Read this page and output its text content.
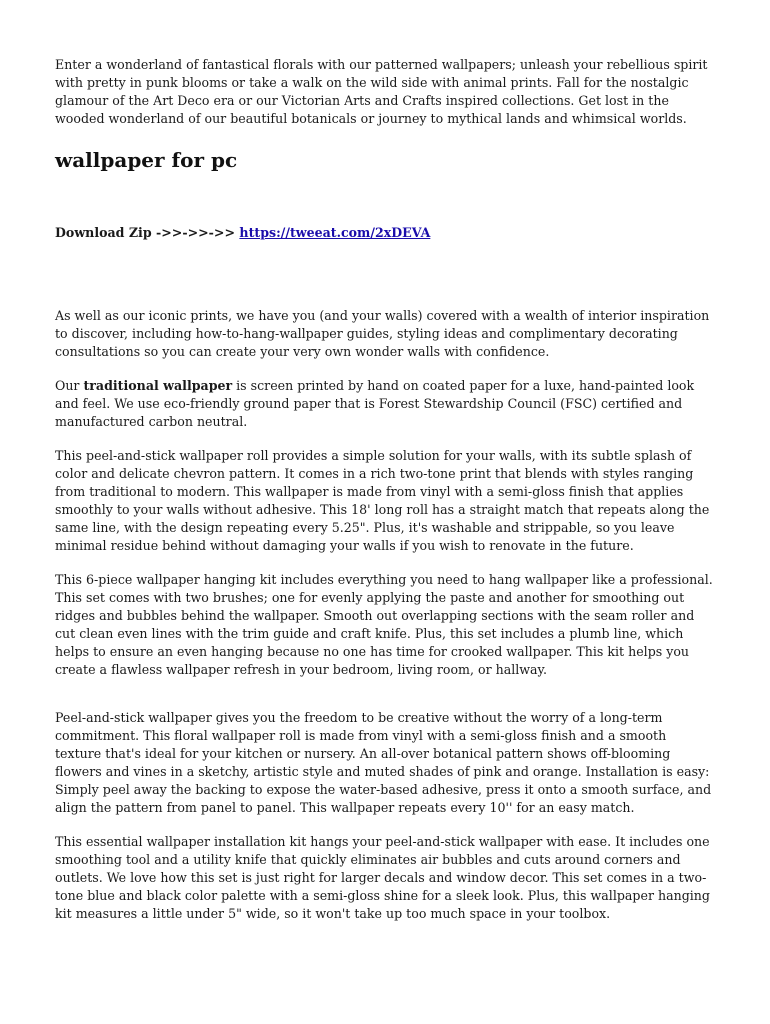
Enter a wonderland of fantastical florals with our patterned wallpapers; unleash your rebellious spirit with pretty in punk blooms or take a walk on the wild side with animal prints. Fall for the nostalgic glamour of the Art Deco era or our Victorian Arts and Crafts inspired collections. Get lost in the wooded wonderland of our beautiful botanicals or journey to mythical lands and whimsical worlds.

wallpaper for pc
Download Zip ->>->>->> https://tweeat.com/2xDEVA

As well as our iconic prints, we have you (and your walls) covered with a wealth of interior inspiration to discover, including how-to-hang-wallpaper guides, styling ideas and complimentary decorating consultations so you can create your very own wonder walls with confidence.

Our traditional wallpaper is screen printed by hand on coated paper for a luxe, hand-painted look and feel. We use eco-friendly ground paper that is Forest Stewardship Council (FSC) certified and manufactured carbon neutral.

This peel-and-stick wallpaper roll provides a simple solution for your walls, with its subtle splash of color and delicate chevron pattern. It comes in a rich two-tone print that blends with styles ranging from traditional to modern. This wallpaper is made from vinyl with a semi-gloss finish that applies smoothly to your walls without adhesive. This 18' long roll has a straight match that repeats along the same line, with the design repeating every 5.25". Plus, it's washable and strippable, so you leave minimal residue behind without damaging your walls if you wish to renovate in the future.

This 6-piece wallpaper hanging kit includes everything you need to hang wallpaper like a professional. This set comes with two brushes; one for evenly applying the paste and another for smoothing out ridges and bubbles behind the wallpaper. Smooth out overlapping sections with the seam roller and cut clean even lines with the trim guide and craft knife. Plus, this set includes a plumb line, which helps to ensure an even hanging because no one has time for crooked wallpaper. This kit helps you create a flawless wallpaper refresh in your bedroom, living room, or hallway.

Peel-and-stick wallpaper gives you the freedom to be creative without the worry of a long-term commitment. This floral wallpaper roll is made from vinyl with a semi-gloss finish and a smooth texture that's ideal for your kitchen or nursery. An all-over botanical pattern shows off-blooming flowers and vines in a sketchy, artistic style and muted shades of pink and orange. Installation is easy: Simply peel away the backing to expose the water-based adhesive, press it onto a smooth surface, and align the pattern from panel to panel. This wallpaper repeats every 10'' for an easy match.

This essential wallpaper installation kit hangs your peel-and-stick wallpaper with ease. It includes one smoothing tool and a utility knife that quickly eliminates air bubbles and cuts around corners and outlets. We love how this set is just right for larger decals and window decor. This set comes in a two-tone blue and black color palette with a semi-gloss shine for a sleek look. Plus, this wallpaper hanging kit measures a little under 5" wide, so it won't take up too much space in your toolbox.
